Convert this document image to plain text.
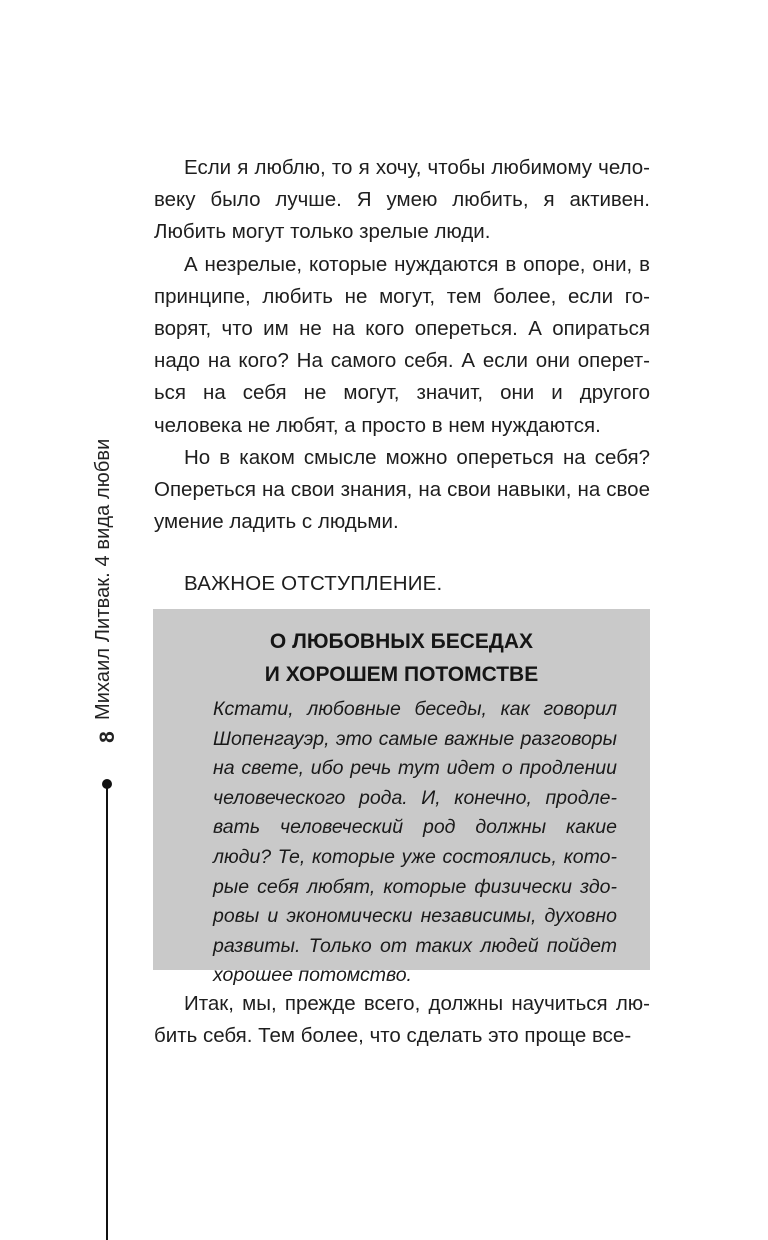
Михаил Литвак. 4 вида любви
8

Если я люблю, то я хочу, чтобы любимому человеку было лучше. Я умею любить, я активен. Любить могут только зрелые люди.

А незрелые, которые нуждаются в опоре, они, в принципе, любить не могут, тем более, если говорят, что им не на кого опереться. А опираться надо на кого? На самого себя. А если они опереться на себя не могут, значит, они и другого человека не любят, а просто в нем нуждаются.

Но в каком смысле можно опереться на себя? Опереться на свои знания, на свои навыки, на свое умение ладить с людьми.

ВАЖНОЕ ОТСТУПЛЕНИЕ.
О ЛЮБОВНЫХ БЕСЕДАХ
И ХОРОШЕМ ПОТОМСТВЕ

Кстати, любовные беседы, как говорил Шопенгауэр, это самые важные разговоры на свете, ибо речь тут идет о продлении человеческого рода. И, конечно, продлевать человеческий род должны какие люди? Те, которые уже состоялись, которые себя любят, которые физически здоровы и экономически независимы, духовно развиты. Только от таких людей пойдет хорошее потомство.

Итак, мы, прежде всего, должны научиться любить себя. Тем более, что сделать это проще все-
